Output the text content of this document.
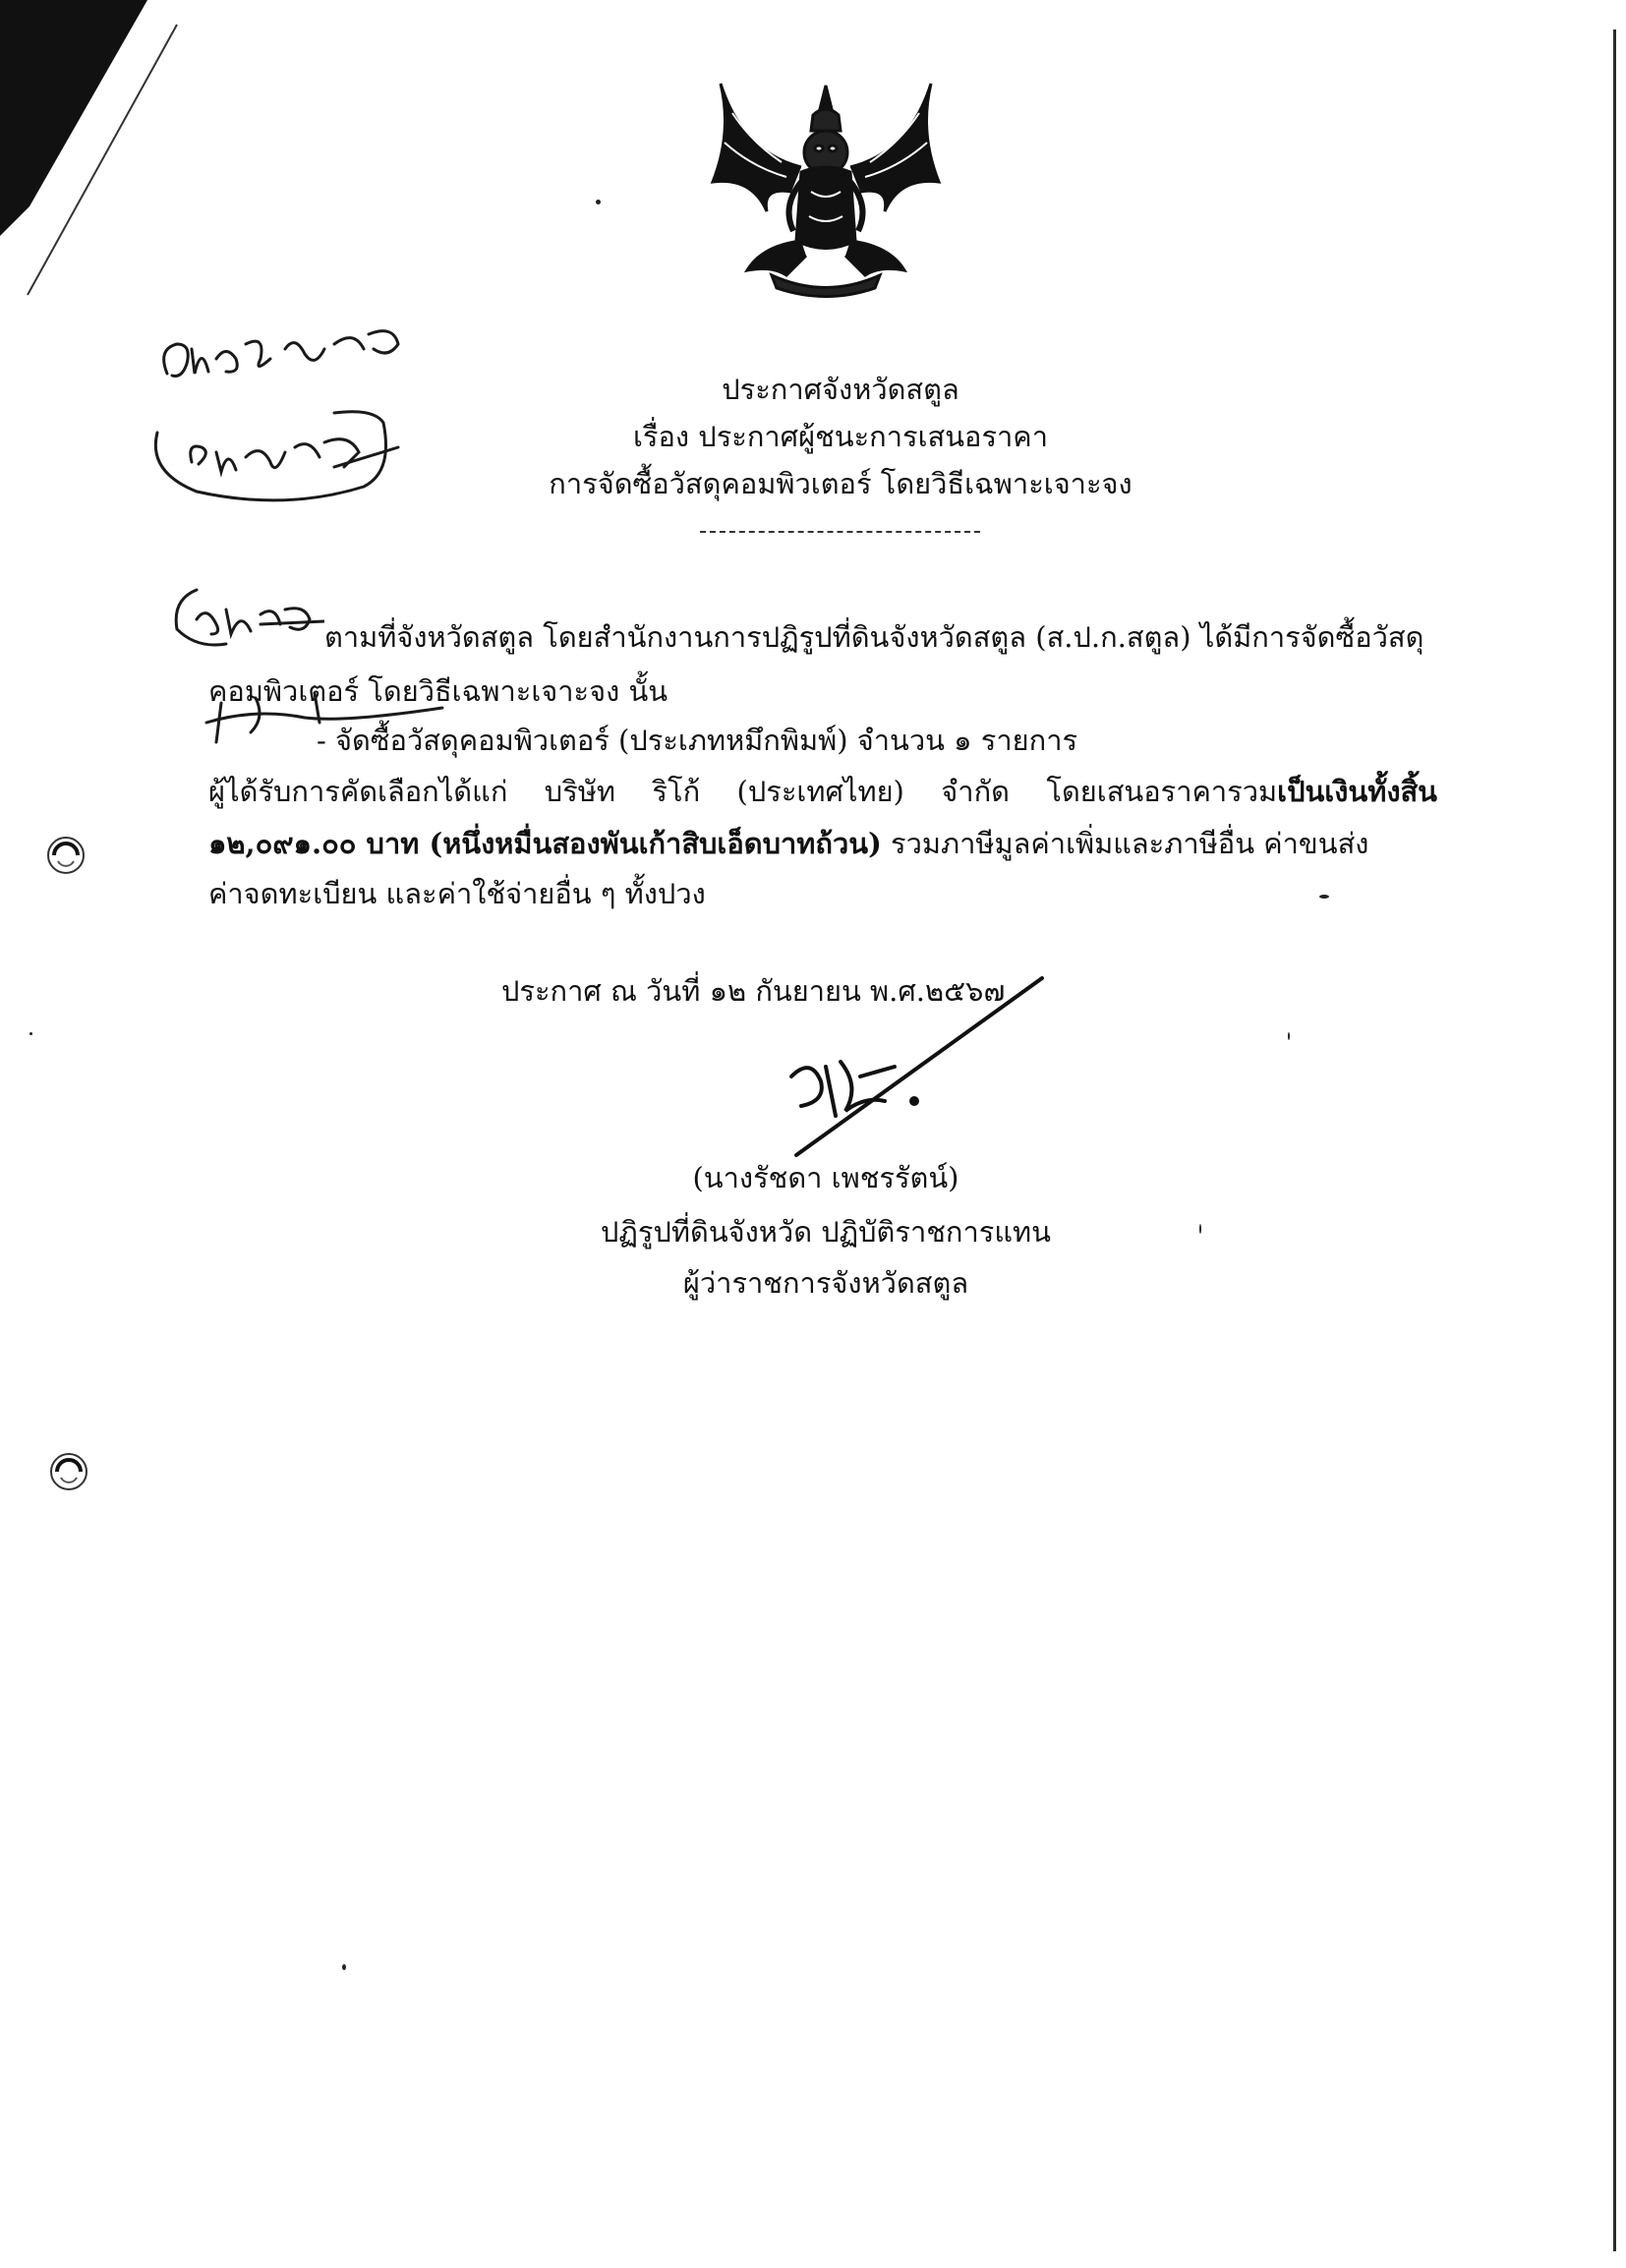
ประกาศจังหวัดสตูล
เรื่อง ประกาศผู้ชนะการเสนอราคา
การจัดซื้อวัสดุคอมพิวเตอร์ โดยวิธีเฉพาะเจาะจง
ตามที่จังหวัดสตูล โดยสำนักงานการปฏิรูปที่ดินจังหวัดสตูล (ส.ป.ก.สตูล) ได้มีการจัดซื้อวัสดุ
คอมพิวเตอร์ โดยวิธีเฉพาะเจาะจง นั้น
- จัดซื้อวัสดุคอมพิวเตอร์ (ประเภทหมึกพิมพ์) จำนวน ๑ รายการ
ผู้ได้รับการคัดเลือกได้แก่ บริษัท ริโก้ (ประเทศไทย) จำกัด โดยเสนอราคารวมเป็นเงินทั้งสิ้น
๑๒,๐๙๑.๐๐ บาท (หนึ่งหมื่นสองพันเก้าสิบเอ็ดบาทถ้วน) รวมภาษีมูลค่าเพิ่มและภาษีอื่น ค่าขนส่ง
ค่าจดทะเบียน และค่าใช้จ่ายอื่น ๆ ทั้งปวง
ประกาศ ณ วันที่ ๑๒ กันยายน พ.ศ.๒๕๖๗
(นางรัชดา เพชรรัตน์)
ปฏิรูปที่ดินจังหวัด ปฏิบัติราชการแทน
ผู้ว่าราชการจังหวัดสตูล
